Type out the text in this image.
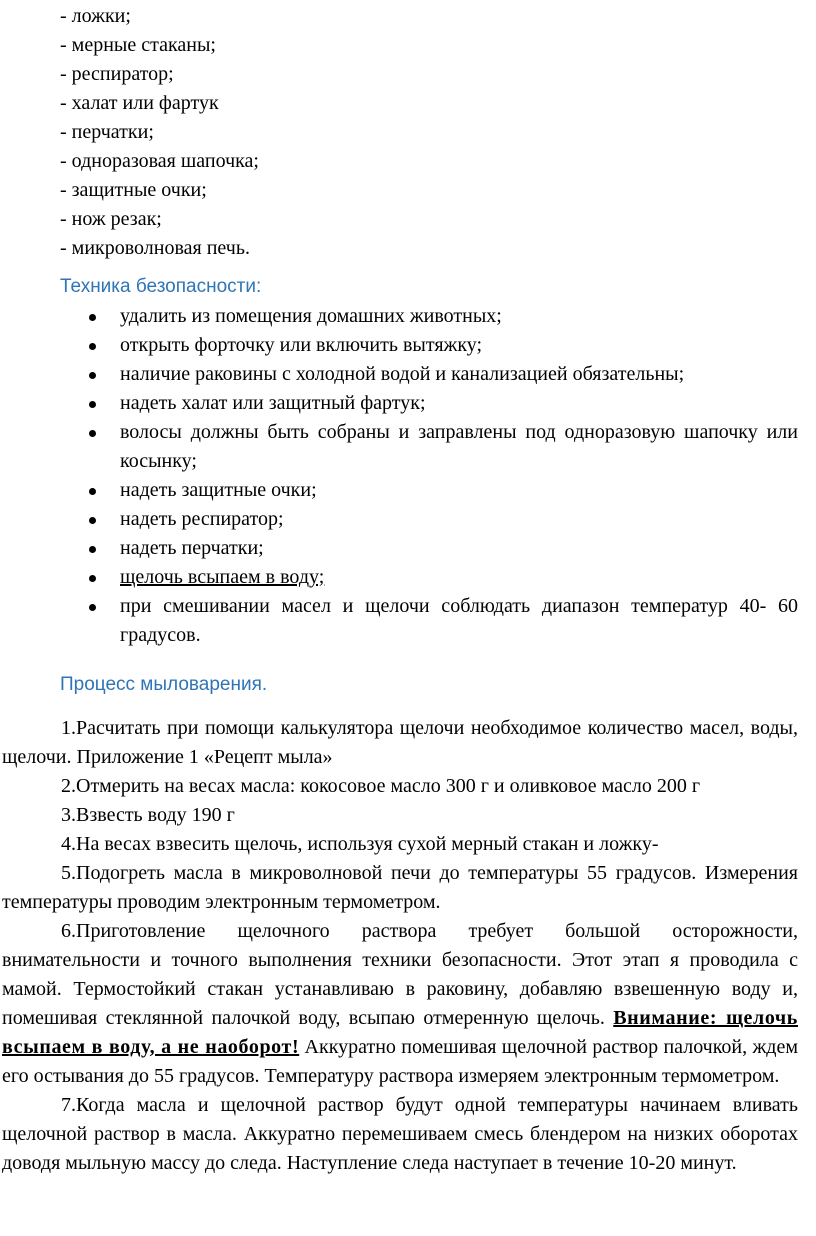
- ложки;
- мерные стаканы;
- респиратор;
- халат или фартук
- перчатки;
- одноразовая шапочка;
- защитные очки;
- нож резак;
- микроволновая печь.
Техника безопасности:
удалить из помещения домашних животных;
открыть форточку или включить вытяжку;
наличие раковины с холодной водой и канализацией обязательны;
надеть халат или защитный фартук;
волосы должны быть собраны и заправлены под одноразовую шапочку или косынку;
надеть защитные очки;
надеть респиратор;
надеть перчатки;
щелочь всыпаем в воду;
при смешивании масел и щелочи соблюдать диапазон температур 40- 60 градусов.
Процесс мыловарения.

1.Расчитать при помощи калькулятора щелочи необходимое количество масел, воды, щелочи. Приложение 1 «Рецепт мыла»

2.Отмерить на весах масла: кокосовое масло 300 г и оливковое масло 200 г

3.Взвесть воду 190 г

4.На весах взвесить щелочь, используя сухой мерный стакан и ложку-

5.Подогреть масла в микроволновой печи до температуры 55 градусов. Измерения температуры проводим электронным термометром.

6.Приготовление щелочного раствора требует большой осторожности, внимательности и точного выполнения техники безопасности. Этот этап я проводила с мамой. Термостойкий стакан устанавливаю в раковину, добавляю взвешенную воду и, помешивая стеклянной палочкой воду, всыпаю отмеренную щелочь. Внимание: щелочь всыпаем в воду, а не наоборот! Аккуратно помешивая щелочной раствор палочкой, ждем его остывания до 55 градусов. Температуру раствора измеряем электронным термометром.

7.Когда масла и щелочной раствор будут одной температуры начинаем вливать щелочной раствор в масла. Аккуратно перемешиваем смесь блендером на низких оборотах доводя мыльную массу до следа. Наступление следа наступает в течение 10-20 минут.
